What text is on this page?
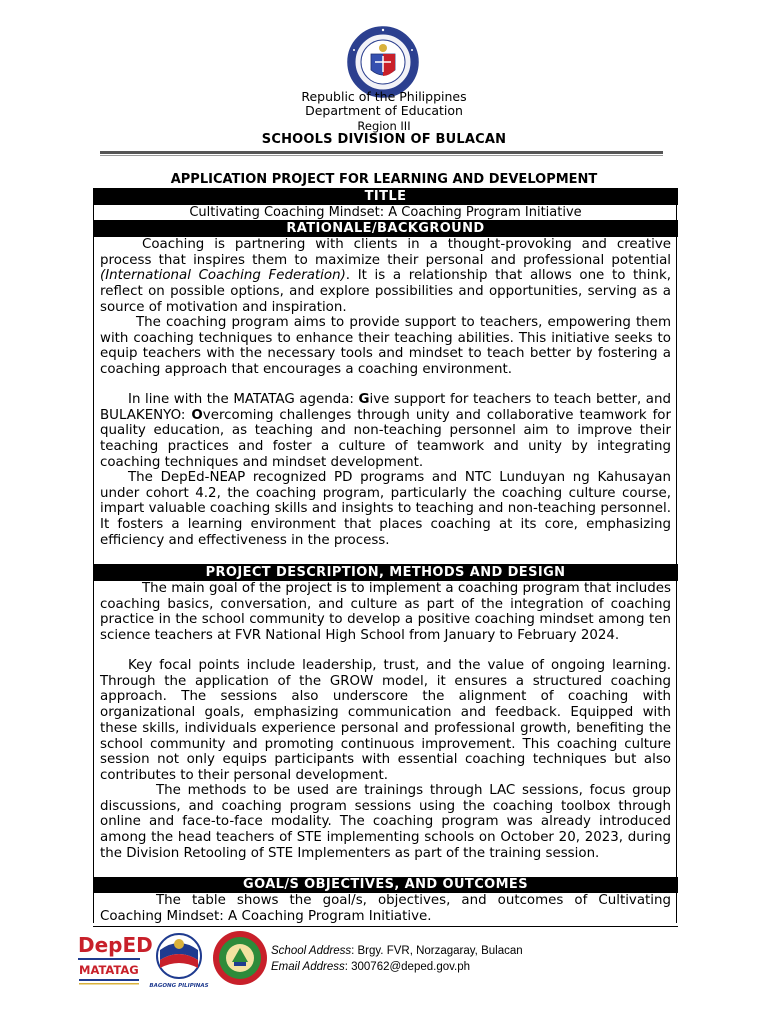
Republic of the Philippines
Department of Education
Region III
SCHOOLS DIVISION OF BULACAN
APPLICATION PROJECT FOR LEARNING AND DEVELOPMENT
TITLE
Cultivating Coaching Mindset: A Coaching Program Initiative
RATIONALE/BACKGROUND
Coaching is partnering with clients in a thought-provoking and creative process that inspires them to maximize their personal and professional potential (International Coaching Federation). It is a relationship that allows one to think, reflect on possible options, and explore possibilities and opportunities, serving as a source of motivation and inspiration.
The coaching program aims to provide support to teachers, empowering them with coaching techniques to enhance their teaching abilities. This initiative seeks to equip teachers with the necessary tools and mindset to teach better by fostering a coaching approach that encourages a coaching environment.
In line with the MATATAG agenda: Give support for teachers to teach better, and BULAKENYO: Overcoming challenges through unity and collaborative teamwork for quality education, as teaching and non-teaching personnel aim to improve their teaching practices and foster a culture of teamwork and unity by integrating coaching techniques and mindset development.
The DepEd-NEAP recognized PD programs and NTC Lunduyan ng Kahusayan under cohort 4.2, the coaching program, particularly the coaching culture course, impart valuable coaching skills and insights to teaching and non-teaching personnel. It fosters a learning environment that places coaching at its core, emphasizing efficiency and effectiveness in the process.
PROJECT DESCRIPTION, METHODS AND DESIGN
The main goal of the project is to implement a coaching program that includes coaching basics, conversation, and culture as part of the integration of coaching practice in the school community to develop a positive coaching mindset among ten science teachers at FVR National High School from January to February 2024.
Key focal points include leadership, trust, and the value of ongoing learning. Through the application of the GROW model, it ensures a structured coaching approach. The sessions also underscore the alignment of coaching with organizational goals, emphasizing communication and feedback. Equipped with these skills, individuals experience personal and professional growth, benefiting the school community and promoting continuous improvement. This coaching culture session not only equips participants with essential coaching techniques but also contributes to their personal development.
The methods to be used are trainings through LAC sessions, focus group discussions, and coaching program sessions using the coaching toolbox through online and face-to-face modality. The coaching program was already introduced among the head teachers of STE implementing schools on October 20, 2023, during the Division Retooling of STE Implementers as part of the training session.
GOAL/S OBJECTIVES, AND OUTCOMES
The table shows the goal/s, objectives, and outcomes of Cultivating Coaching Mindset: A Coaching Program Initiative.
DepED
MATATAG
BAGONG PILIPINAS
School Address: Brgy. FVR, Norzagaray, Bulacan
Email Address: 300762@deped.gov.ph
